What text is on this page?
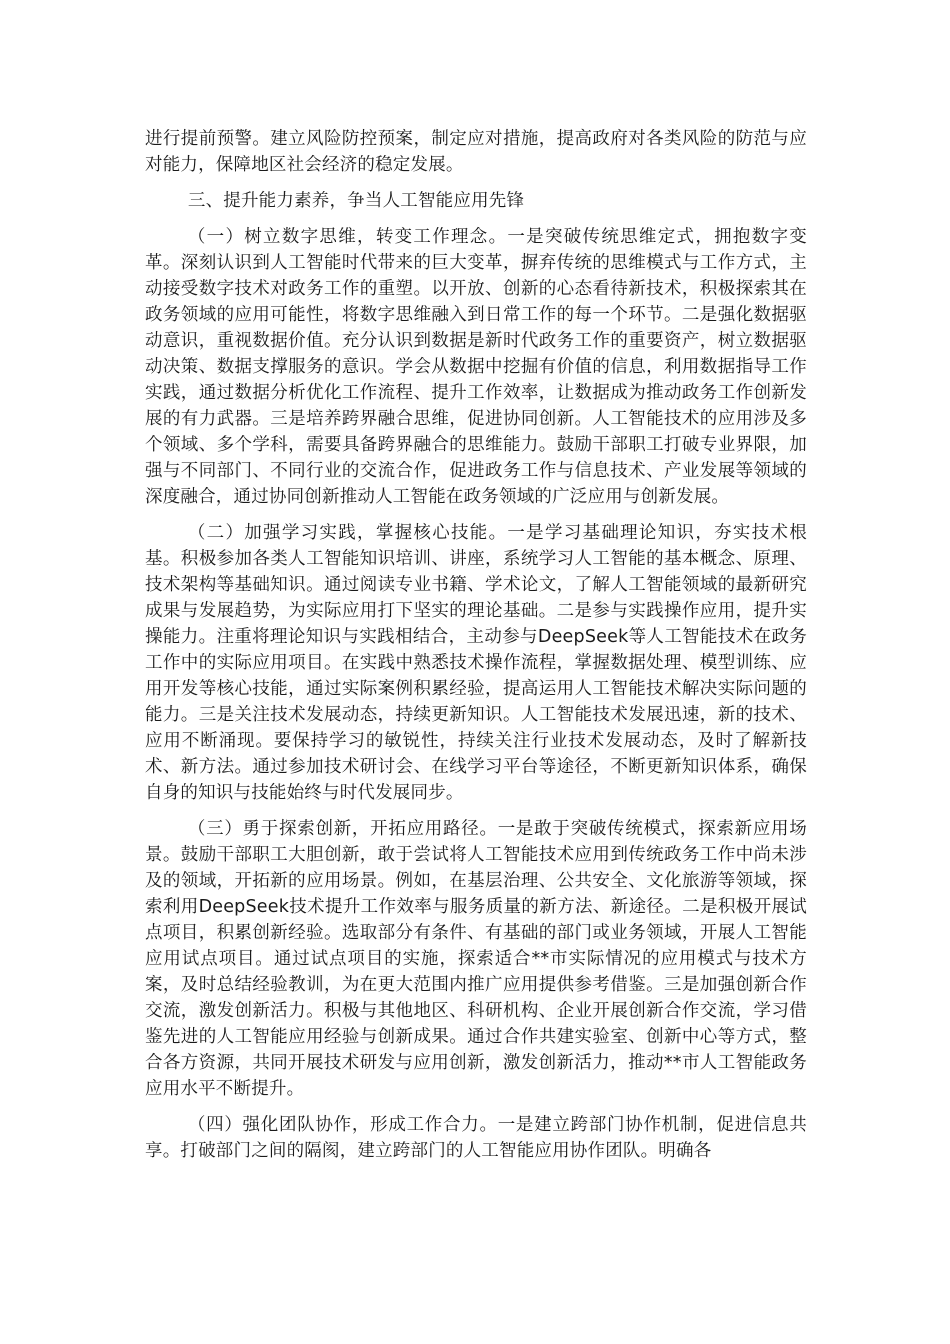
进行提前预警。建立风险防控预案，制定应对措施，提高政府对各类风险的防范与应对能力，保障地区社会经济的稳定发展。

三、提升能力素养，争当人工智能应用先锋

（一）树立数字思维，转变工作理念。一是突破传统思维定式，拥抱数字变革。深刻认识到人工智能时代带来的巨大变革，摒弃传统的思维模式与工作方式，主动接受数字技术对政务工作的重塑。以开放、创新的心态看待新技术，积极探索其在政务领域的应用可能性，将数字思维融入到日常工作的每一个环节。二是强化数据驱动意识，重视数据价值。充分认识到数据是新时代政务工作的重要资产，树立数据驱动决策、数据支撑服务的意识。学会从数据中挖掘有价值的信息，利用数据指导工作实践，通过数据分析优化工作流程、提升工作效率，让数据成为推动政务工作创新发展的有力武器。三是培养跨界融合思维，促进协同创新。人工智能技术的应用涉及多个领域、多个学科，需要具备跨界融合的思维能力。鼓励干部职工打破专业界限，加强与不同部门、不同行业的交流合作，促进政务工作与信息技术、产业发展等领域的深度融合，通过协同创新推动人工智能在政务领域的广泛应用与创新发展。

（二）加强学习实践，掌握核心技能。一是学习基础理论知识，夯实技术根基。积极参加各类人工智能知识培训、讲座，系统学习人工智能的基本概念、原理、技术架构等基础知识。通过阅读专业书籍、学术论文，了解人工智能领域的最新研究成果与发展趋势，为实际应用打下坚实的理论基础。二是参与实践操作应用，提升实操能力。注重将理论知识与实践相结合，主动参与DeepSeek等人工智能技术在政务工作中的实际应用项目。在实践中熟悉技术操作流程，掌握数据处理、模型训练、应用开发等核心技能，通过实际案例积累经验，提高运用人工智能技术解决实际问题的能力。三是关注技术发展动态，持续更新知识。人工智能技术发展迅速，新的技术、应用不断涌现。要保持学习的敏锐性，持续关注行业技术发展动态，及时了解新技术、新方法。通过参加技术研讨会、在线学习平台等途径，不断更新知识体系，确保自身的知识与技能始终与时代发展同步。

（三）勇于探索创新，开拓应用路径。一是敢于突破传统模式，探索新应用场景。鼓励干部职工大胆创新，敢于尝试将人工智能技术应用到传统政务工作中尚未涉及的领域，开拓新的应用场景。例如，在基层治理、公共安全、文化旅游等领域，探索利用DeepSeek技术提升工作效率与服务质量的新方法、新途径。二是积极开展试点项目，积累创新经验。选取部分有条件、有基础的部门或业务领域，开展人工智能应用试点项目。通过试点项目的实施，探索适合**市实际情况的应用模式与技术方案，及时总结经验教训，为在更大范围内推广应用提供参考借鉴。三是加强创新合作交流，激发创新活力。积极与其他地区、科研机构、企业开展创新合作交流，学习借鉴先进的人工智能应用经验与创新成果。通过合作共建实验室、创新中心等方式，整合各方资源，共同开展技术研发与应用创新，激发创新活力，推动**市人工智能政务应用水平不断提升。

（四）强化团队协作，形成工作合力。一是建立跨部门协作机制，促进信息共享。打破部门之间的隔阂，建立跨部门的人工智能应用协作团队。明确各
